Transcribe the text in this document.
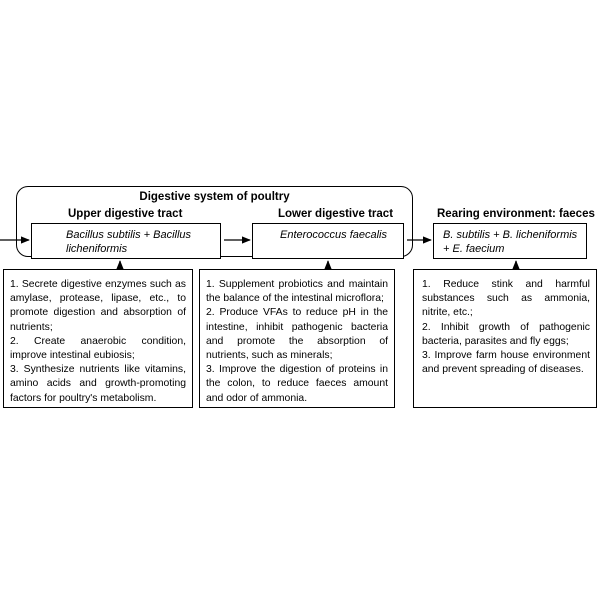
Digestive system of poultry
Upper digestive tract	Lower digestive tract	Rearing environment: faeces
Bacillus subtilis + Bacillus licheniformis
Enterococcus faecalis	B. subtilis + B. licheniformis + E. faecium
1. Secrete digestive enzymes such as amylase, protease, lipase, etc., to promote digestion and absorption of nutrients;
2. Create anaerobic condition, improve intestinal eubiosis;
3. Synthesize nutrients like vitamins, amino acids and growth-promoting factors for poultry's metabolism.
1. Supplement probiotics and maintain the balance of the intestinal microflora;
2. Produce VFAs to reduce pH in the intestine, inhibit pathogenic bacteria and promote the absorption of nutrients, such as minerals;
3. Improve the digestion of proteins in the colon, to reduce faeces amount and odor of ammonia.
1. Reduce stink and harmful substances such as ammonia, nitrite, etc.;
2. Inhibit growth of pathogenic bacteria, parasites and fly eggs;
3. Improve farm house environment and prevent spreading of diseases.
